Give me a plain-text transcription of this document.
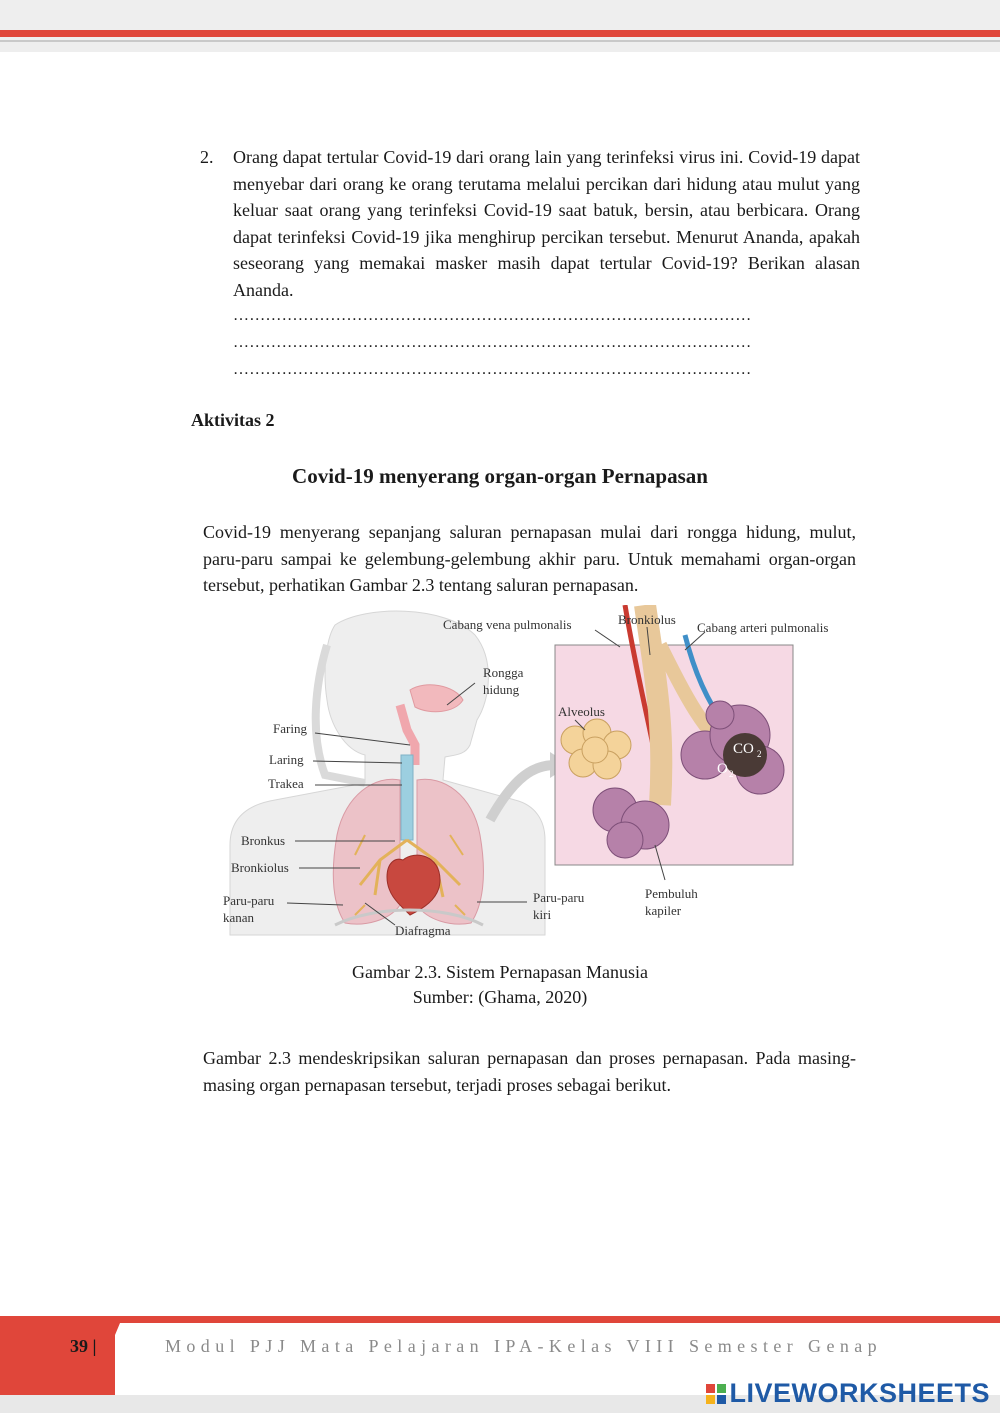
2. Orang dapat tertular Covid-19 dari orang lain yang terinfeksi virus ini. Covid-19 dapat menyebar dari orang ke orang terutama melalui percikan dari hidung atau mulut yang keluar saat orang yang terinfeksi Covid-19 saat batuk, bersin, atau berbicara. Orang dapat terinfeksi Covid-19 jika menghirup percikan tersebut. Menurut Ananda, apakah seseorang yang memakai masker masih dapat tertular Covid-19? Berikan alasan Ananda.
……………………………………………………………………………………
……………………………………………………………………………………
……………………………………………………………………………………
Aktivitas 2
Covid-19 menyerang organ-organ Pernapasan
Covid-19 menyerang sepanjang saluran pernapasan mulai dari rongga hidung, mulut, paru-paru sampai ke gelembung-gelembung akhir paru. Untuk memahami organ-organ tersebut, perhatikan Gambar 2.3 tentang saluran pernapasan.
Rongga
hidung
Faring
Laring
Trakea
Bronkus
Bronkiolus
Paru-paru
kanan
Diafragma
Paru-paru
kiri
Cabang vena pulmonalis	Bronkiolus
Cabang arteri pulmonalis
Alveolus
CO 2
O 2
Pembuluh
kapiler
Gambar 2.3. Sistem Pernapasan Manusia
Sumber: (Ghama, 2020)
Gambar 2.3 mendeskripsikan saluran pernapasan dan proses pernapasan. Pada masing-masing organ pernapasan tersebut, terjadi proses sebagai berikut.
39 |	Modul PJJ Mata Pelajaran IPA-Kelas VIII Semester Genap
LIVEWORKSHEETS
